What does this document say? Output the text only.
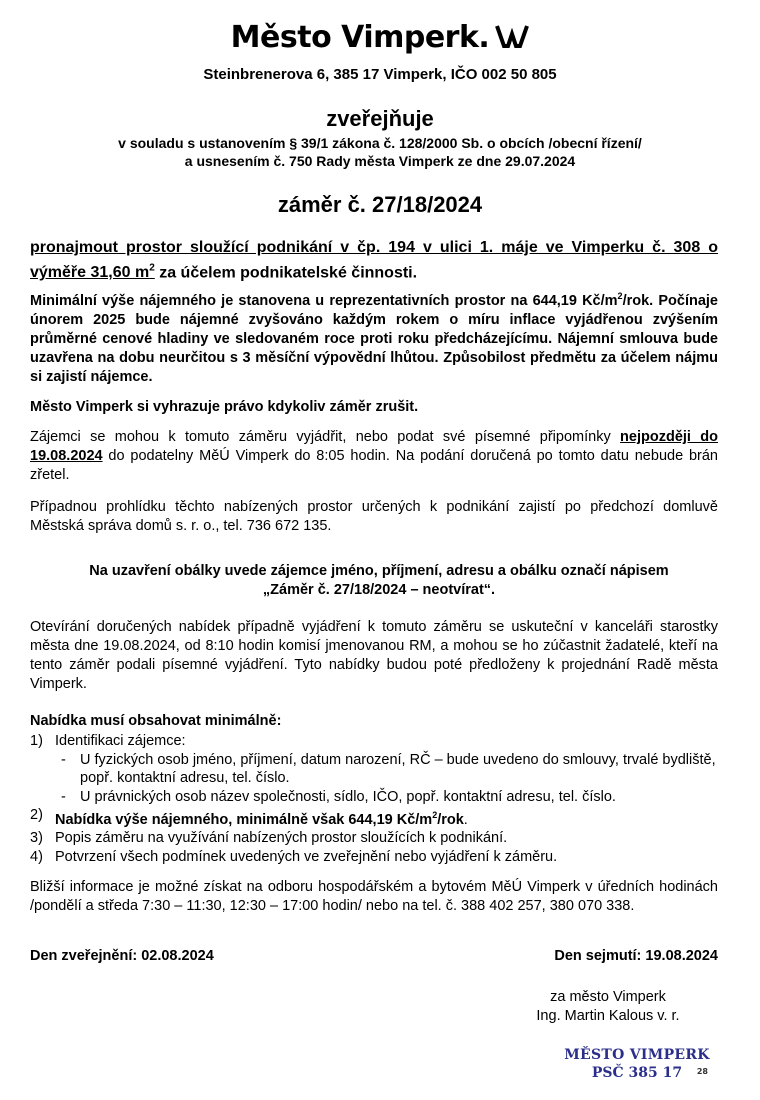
Město Vimperk.
Steinbrenerova 6, 385 17 Vimperk, IČO 002 50 805
zveřejňuje
v souladu s ustanovením § 39/1 zákona č. 128/2000 Sb. o obcích /obecní řízení/
a usnesením č. 750 Rady města Vimperk ze dne 29.07.2024
záměr č. 27/18/2024
pronajmout prostor sloužící podnikání v čp. 194 v ulici 1. máje ve Vimperku č. 308 o výměře 31,60 $m^2$ za účelem podnikatelské činnosti.
Minimální výše nájemného je stanovena u reprezentativních prostor na 644,19 $Kč/m^2$/rok. Počínaje únorem 2025 bude nájemné zvyšováno každým rokem o míru inflace vyjádřenou zvýšením průměrné cenové hladiny ve sledovaném roce proti roku předcházejícímu. Nájemní smlouva bude uzavřena na dobu neurčitou s 3 měsíční výpovědní lhůtou. Způsobilost předmětu za účelem nájmu si zajistí nájemce.
Město Vimperk si vyhrazuje právo kdykoliv záměr zrušit.
Zájemci se mohou k tomuto záměru vyjádřit, nebo podat své písemné připomínky nejpozději do 19.08.2024 do podatelny MěÚ Vimperk do 8:05 hodin. Na podání doručená po tomto datu nebude brán zřetel.
Případnou prohlídku těchto nabízených prostor určených k podnikání zajistí po předchozí domluvě Městská správa domů s. r. o., tel. 736 672 135.
Na uzavření obálky uvede zájemce jméno, příjmení, adresu a obálku označí nápisem
„Záměr č. 27/18/2024 – neotvírat“.
Otevírání doručených nabídek případně vyjádření k tomuto záměru se uskuteční v kanceláři starostky města dne 19.08.2024, od 8:10 hodin komisí jmenovanou RM, a mohou se ho zúčastnit žadatelé, kteří na tento záměr podali písemné vyjádření. Tyto nabídky budou poté předloženy k projednání Radě města Vimperk.
Nabídka musí obsahovat minimálně:
1) Identifikaci zájemce:
- U fyzických osob jméno, příjmení, datum narození, RČ – bude uvedeno do smlouvy, trvalé bydliště, popř. kontaktní adresu, tel. číslo.
- U právnických osob název společnosti, sídlo, IČO, popř. kontaktní adresu, tel. číslo.
2) Nabídka výše nájemného, minimálně však 644,19 $Kč/m^2$/rok.
3) Popis záměru na využívání nabízených prostor sloužících k podnikání.
4) Potvrzení všech podmínek uvedených ve zveřejnění nebo vyjádření k záměru.
Bližší informace je možné získat na odboru hospodářském a bytovém MěÚ Vimperk v úředních hodinách /pondělí a středa 7:30 – 11:30, 12:30 – 17:00 hodin/ nebo na tel. č. 388 402 257, 380 070 338.
Den zveřejnění: 02.08.2024	Den sejmutí: 19.08.2024
za město Vimperk
Ing. Martin Kalous v. r.
MĚSTO VIMPERK
PSČ 385 17	28
